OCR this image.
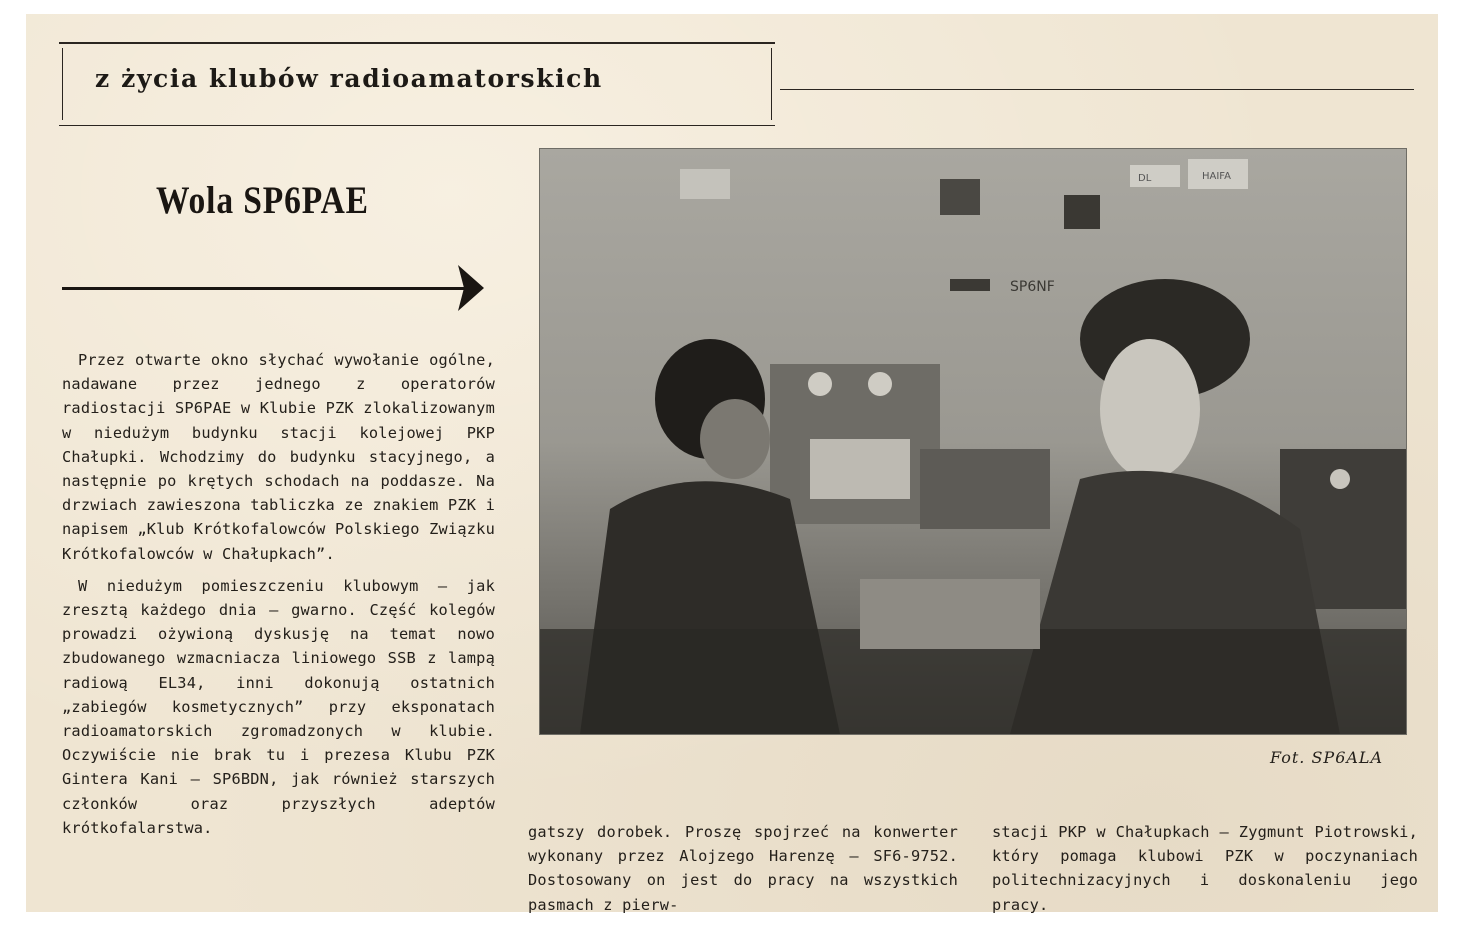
z życia klubów radioamatorskich
Wola SP6PAE

Przez otwarte okno słychać wywołanie ogólne, nadawane przez jednego z operatorów radiostacji SP6PAE w Klubie PZK zlokalizowanym w niedużym budynku stacji kolejowej PKP Chałupki. Wchodzimy do budynku stacyjnego, a następnie po krętych schodach na poddasze. Na drzwiach zawieszona tabliczka ze znakiem PZK i napisem „Klub Krótkofalowców Polskiego Związku Krótkofalowców w Chałupkach”.

W niedużym pomieszczeniu klubowym — jak zresztą każdego dnia — gwarno. Część kolegów prowadzi ożywioną dyskusję na temat nowo zbudowanego wzmacniacza liniowego SSB z lampą radiową EL34, inni dokonują ostatnich „zabiegów kosmetycznych” przy eksponatach radioamatorskich zgromadzonych w klubie. Oczywiście nie brak tu i prezesa Klubu PZK Gintera Kani — SP6BDN, jak również starszych członków oraz przyszłych adeptów krótkofalarstwa.

HAIFA
DL
SP6NF
Fot. SP6ALA

gatszy dorobek. Proszę spojrzeć na konwerter wykonany przez Alojzego Harenzę — SF6-9752. Dostosowany on jest do pracy na wszystkich pasmach z pierw-

stacji PKP w Chałupkach — Zygmunt Piotrowski, który pomaga klubowi PZK w poczynaniach politechnizacyjnych i doskonaleniu jego pracy.
